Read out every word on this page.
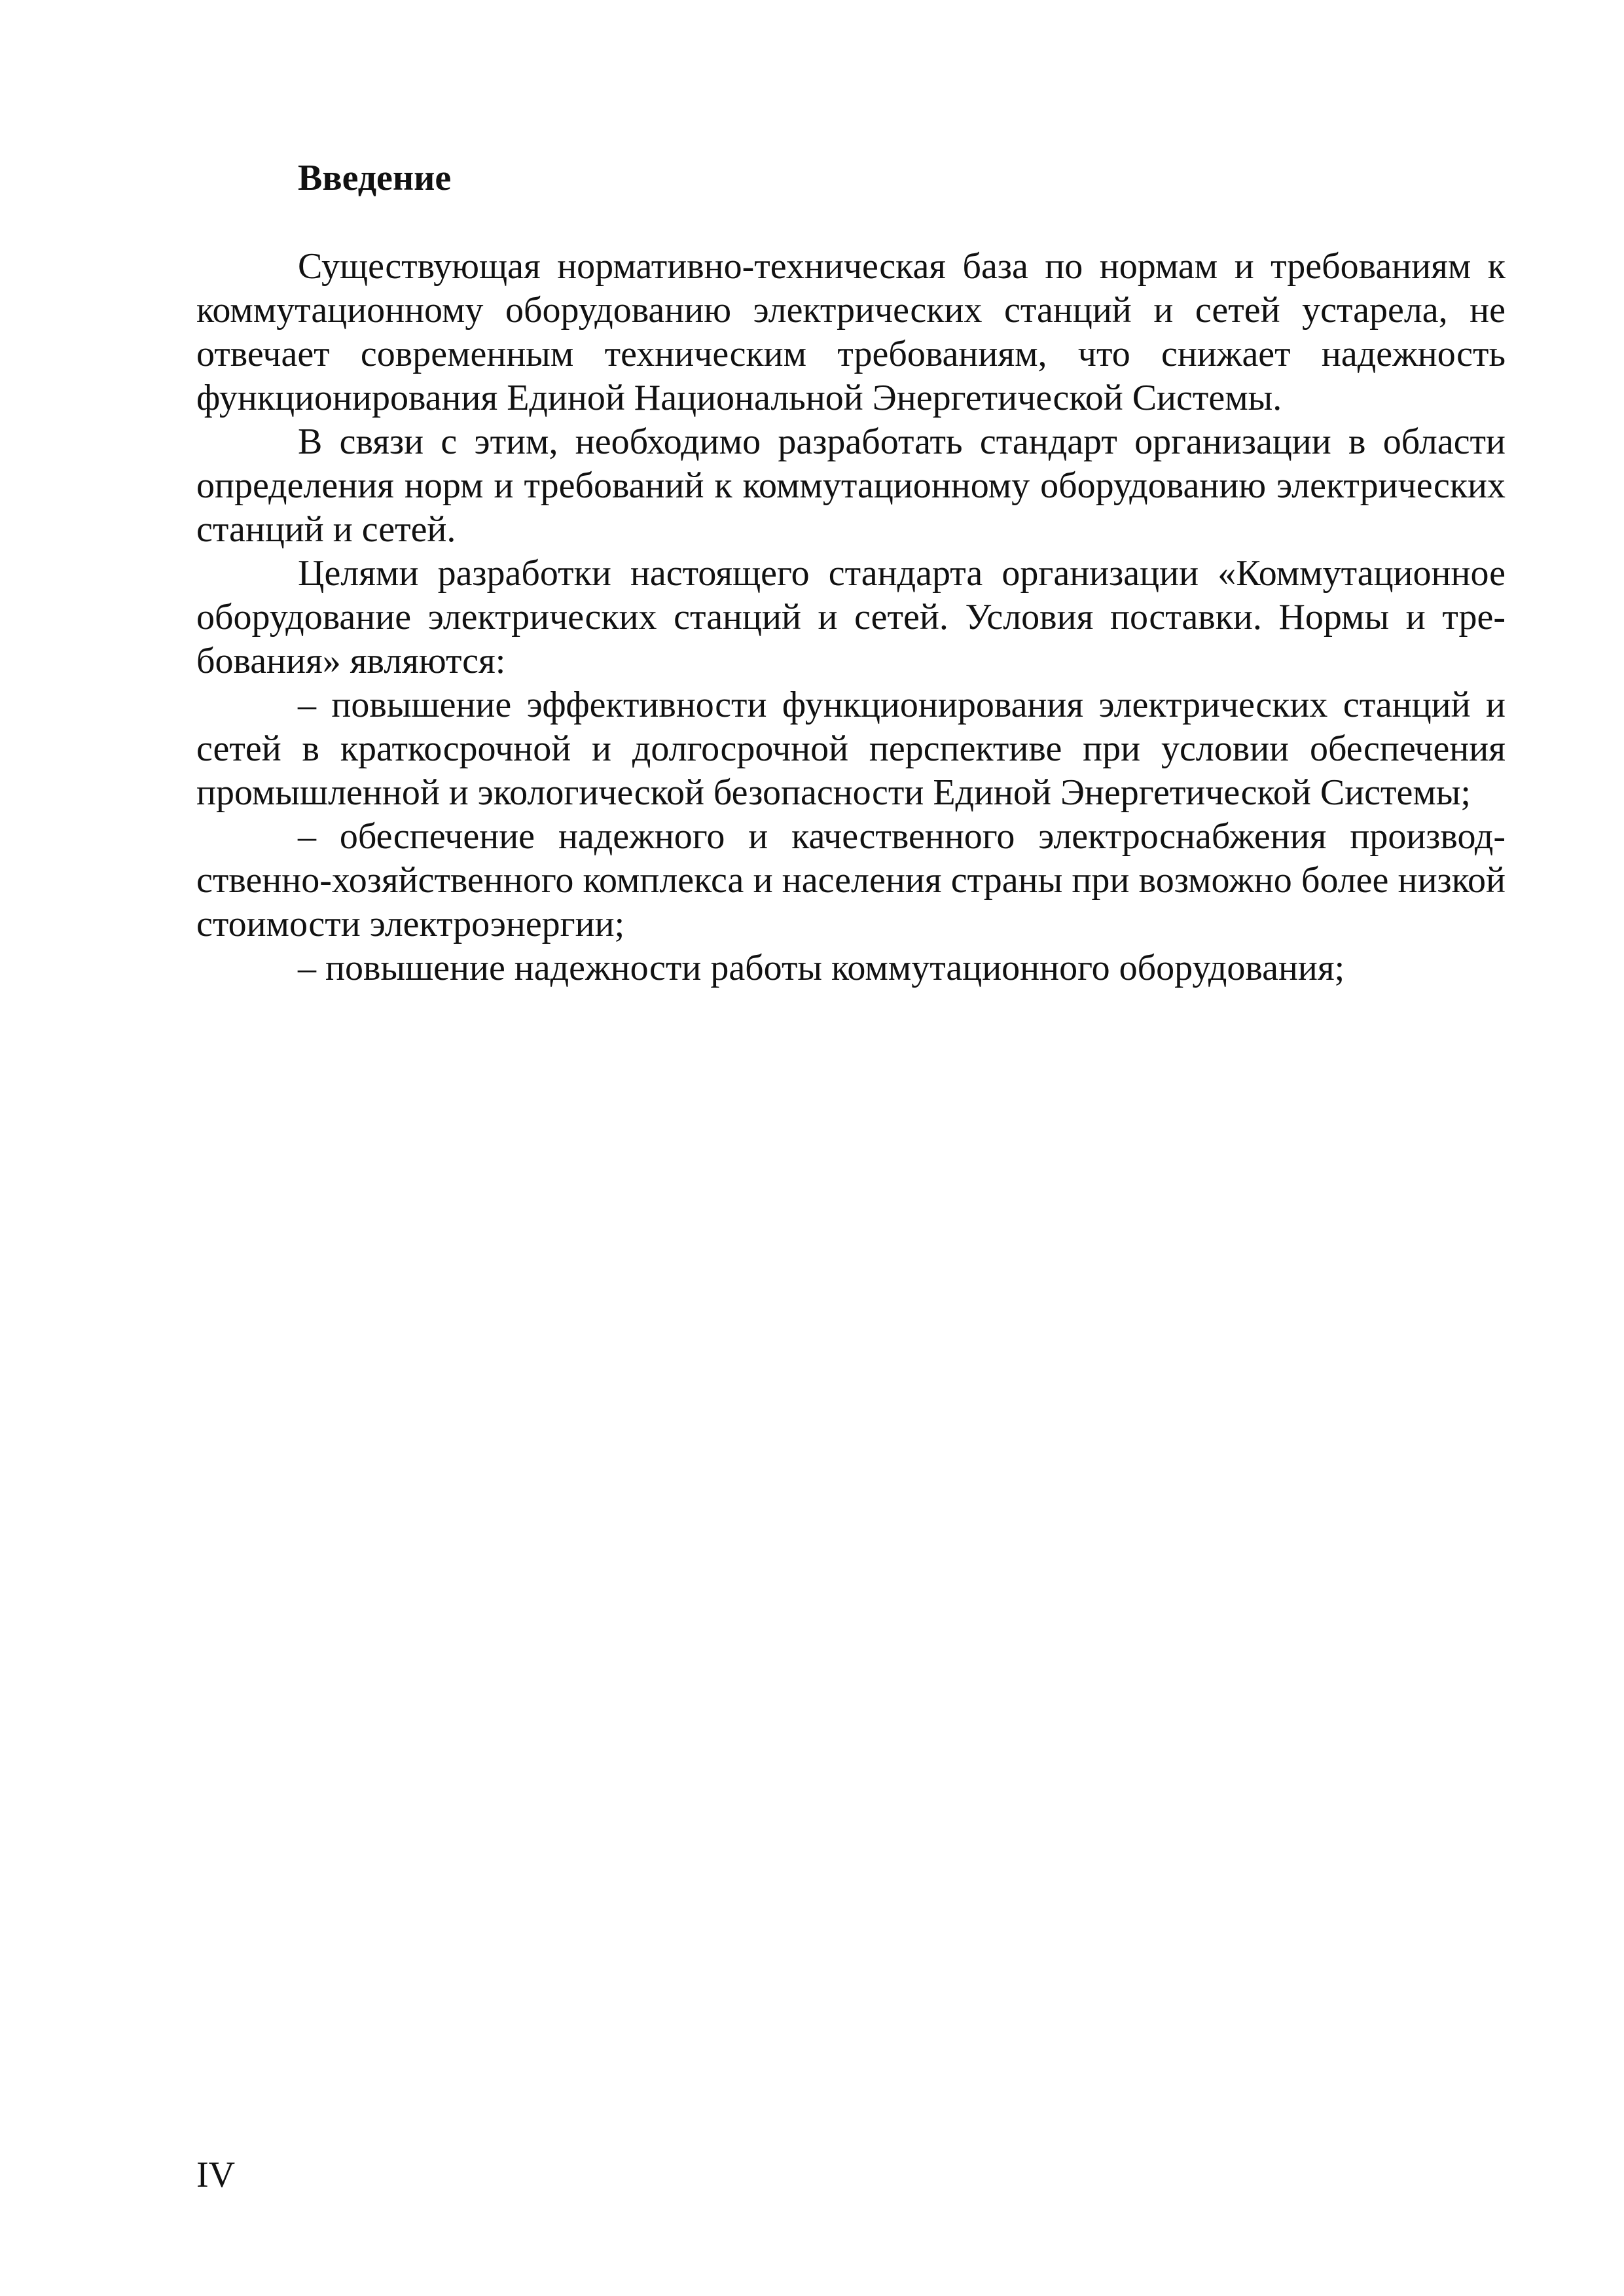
Введение

Существующая нормативно-техническая база по нормам и требованиям к коммутационному оборудованию электрических станций и сетей устарела, не отвечает современным техническим требованиям, что снижает надежность функционирования Единой Национальной Энергетической Системы.

В связи с этим, необходимо разработать стандарт организации в области определения норм и требований к коммутационному оборудованию электрических станций и сетей.

Целями разработки настоящего стандарта организации «Коммутационное оборудование электрических станций и сетей. Условия поставки. Нормы и требования» являются:

– повышение эффективности функционирования электрических станций и сетей в краткосрочной и долгосрочной перспективе при условии обеспечения промышленной и экологической безопасности Единой Энергетической Системы;

– обеспечение надежного и качественного электроснабжения производственно-хозяйственного комплекса и населения страны при возможно более низкой стоимости электроэнергии;

– повышение надежности работы коммутационного оборудования;

IV
